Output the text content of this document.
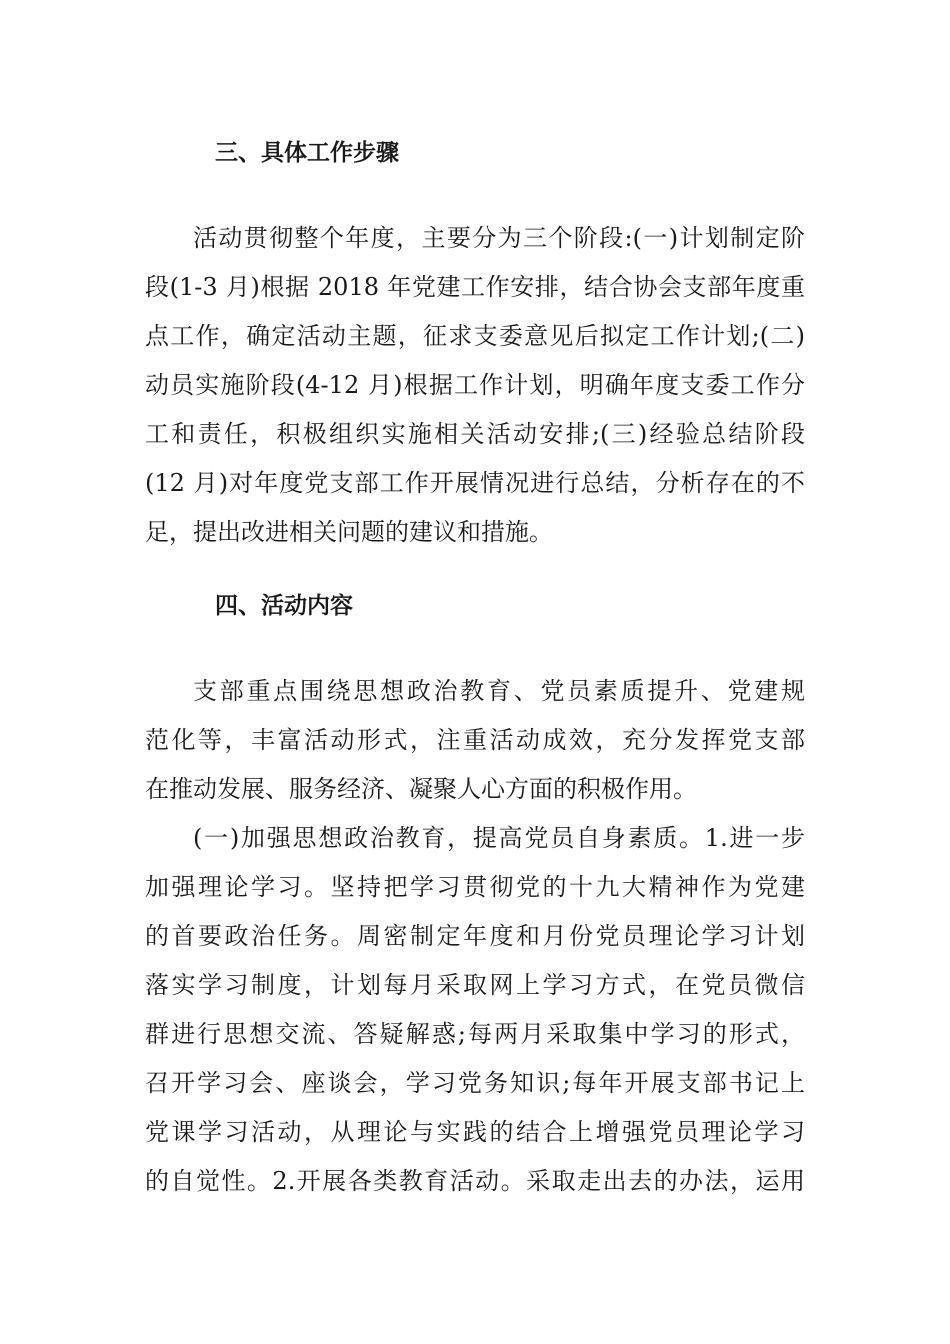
三、具体工作步骤
活动贯彻整个年度，主要分为三个阶段:(一)计划制定阶
段(1-3 月)根据 2018 年党建工作安排，结合协会支部年度重
点工作，确定活动主题，征求支委意见后拟定工作计划;(二)
动员实施阶段(4-12 月)根据工作计划，明确年度支委工作分
工和责任，积极组织实施相关活动安排;(三)经验总结阶段
(12 月)对年度党支部工作开展情况进行总结，分析存在的不
足，提出改进相关问题的建议和措施。
四、活动内容
支部重点围绕思想政治教育、党员素质提升、党建规
范化等，丰富活动形式，注重活动成效，充分发挥党支部
在推动发展、服务经济、凝聚人心方面的积极作用。
(一)加强思想政治教育，提高党员自身素质。1.进一步
加强理论学习。坚持把学习贯彻党的十九大精神作为党建
的首要政治任务。周密制定年度和月份党员理论学习计划
落实学习制度，计划每月采取网上学习方式，在党员微信
群进行思想交流、答疑解惑;每两月采取集中学习的形式，
召开学习会、座谈会，学习党务知识;每年开展支部书记上
党课学习活动，从理论与实践的结合上增强党员理论学习
的自觉性。2.开展各类教育活动。采取走出去的办法，运用
